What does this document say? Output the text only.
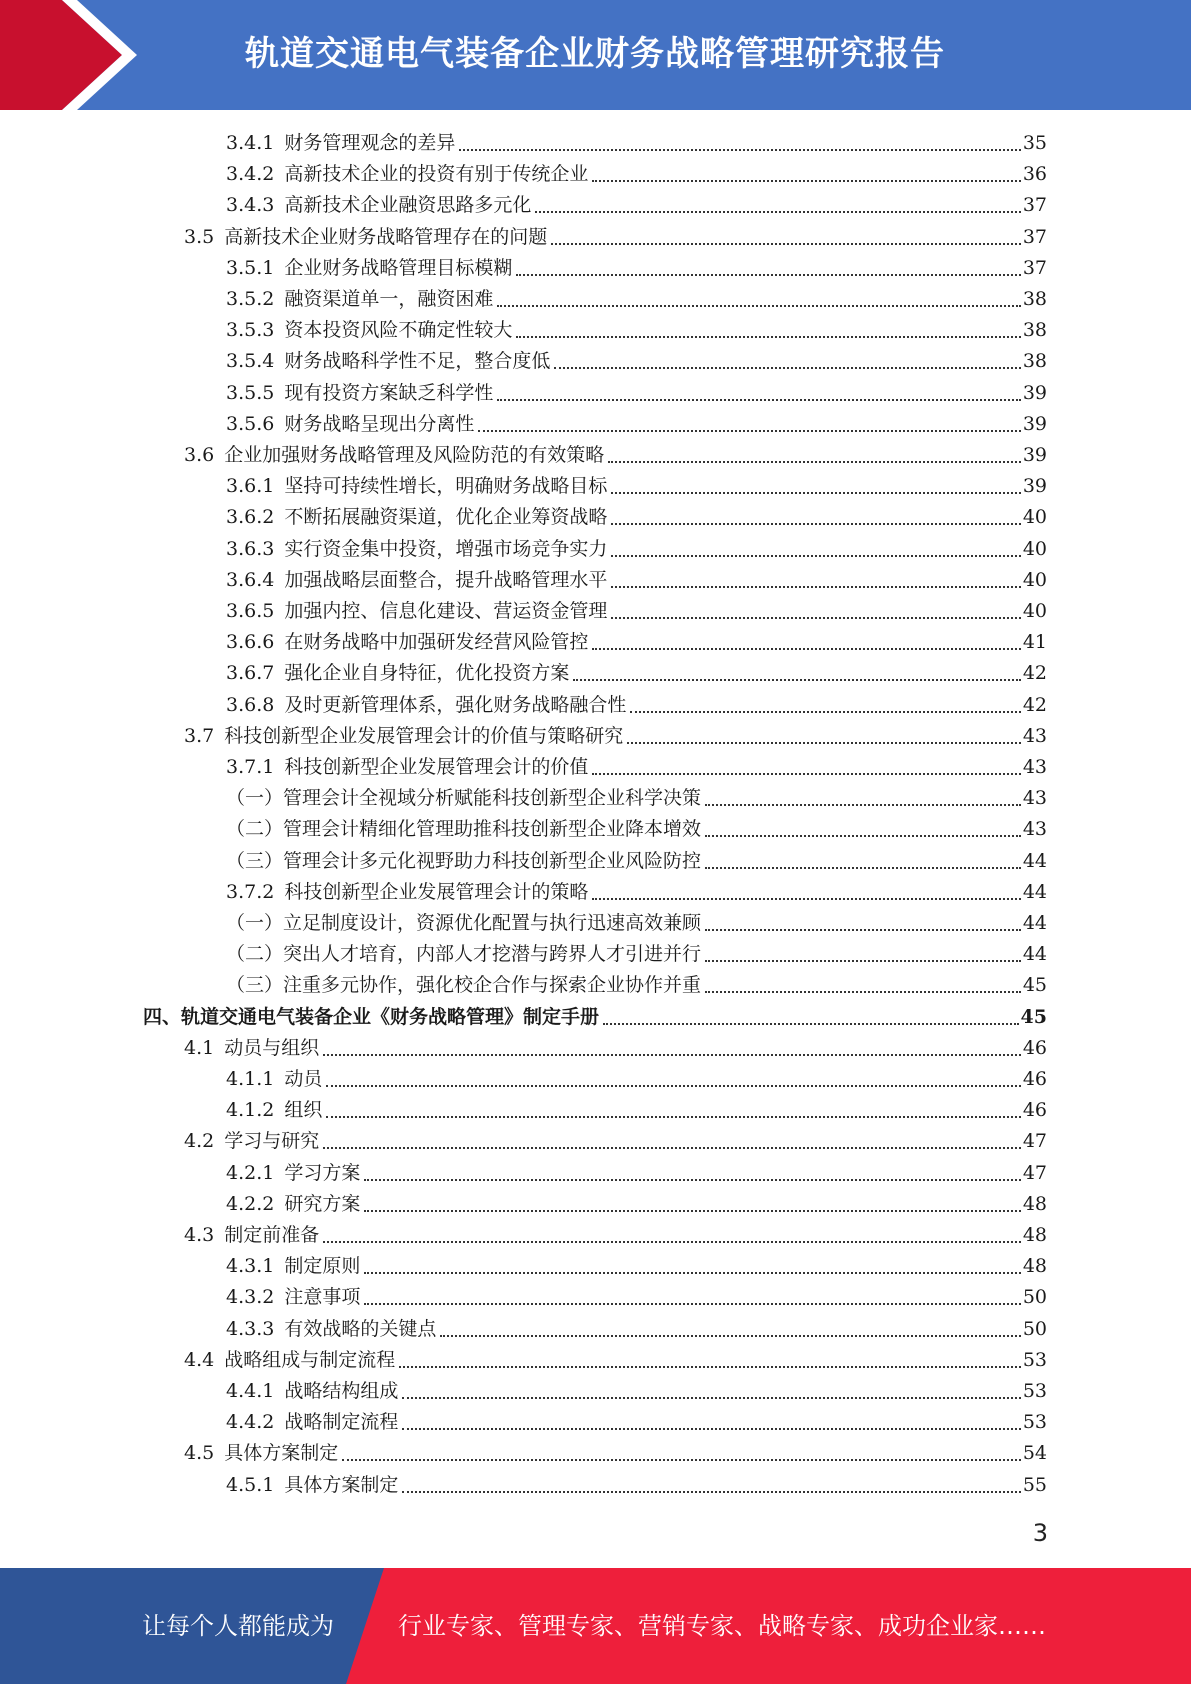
轨道交通电气装备企业财务战略管理研究报告
3.4.1 财务管理观念的差异	35
3.4.2 高新技术企业的投资有别于传统企业	36
3.4.3 高新技术企业融资思路多元化	37
3.5 高新技术企业财务战略管理存在的问题	37
3.5.1 企业财务战略管理目标模糊	37
3.5.2 融资渠道单一，融资困难	38
3.5.3 资本投资风险不确定性较大	38
3.5.4 财务战略科学性不足，整合度低	38
3.5.5 现有投资方案缺乏科学性	39
3.5.6 财务战略呈现出分离性	39
3.6 企业加强财务战略管理及风险防范的有效策略	39
3.6.1 坚持可持续性增长，明确财务战略目标	39
3.6.2 不断拓展融资渠道，优化企业筹资战略	40
3.6.3 实行资金集中投资，增强市场竞争实力	40
3.6.4 加强战略层面整合，提升战略管理水平	40
3.6.5 加强内控、信息化建设、营运资金管理	40
3.6.6 在财务战略中加强研发经营风险管控	41
3.6.7 强化企业自身特征，优化投资方案	42
3.6.8 及时更新管理体系，强化财务战略融合性	42
3.7 科技创新型企业发展管理会计的价值与策略研究	43
3.7.1 科技创新型企业发展管理会计的价值	43
（一） 管理会计全视域分析赋能科技创新型企业科学决策	43
（二） 管理会计精细化管理助推科技创新型企业降本增效	43
（三） 管理会计多元化视野助力科技创新型企业风险防控	44
3.7.2 科技创新型企业发展管理会计的策略	44
（一） 立足制度设计，资源优化配置与执行迅速高效兼顾	44
（二） 突出人才培育，内部人才挖潜与跨界人才引进并行	44
（三） 注重多元协作，强化校企合作与探索企业协作并重	45
四、 轨道交通电气装备企业《财务战略管理》制定手册	45
4.1 动员与组织	46
4.1.1 动员	46
4.1.2 组织	46
4.2 学习与研究	47
4.2.1 学习方案	47
4.2.2 研究方案	48
4.3 制定前准备	48
4.3.1 制定原则	48
4.3.2 注意事项	50
4.3.3 有效战略的关键点	50
4.4 战略组成与制定流程	53
4.4.1 战略结构组成	53
4.4.2 战略制定流程	53
4.5 具体方案制定	54
4.5.1 具体方案制定	55
3
让每个人都能成为	行业专家、管理专家、营销专家、战略专家、成功企业家……
